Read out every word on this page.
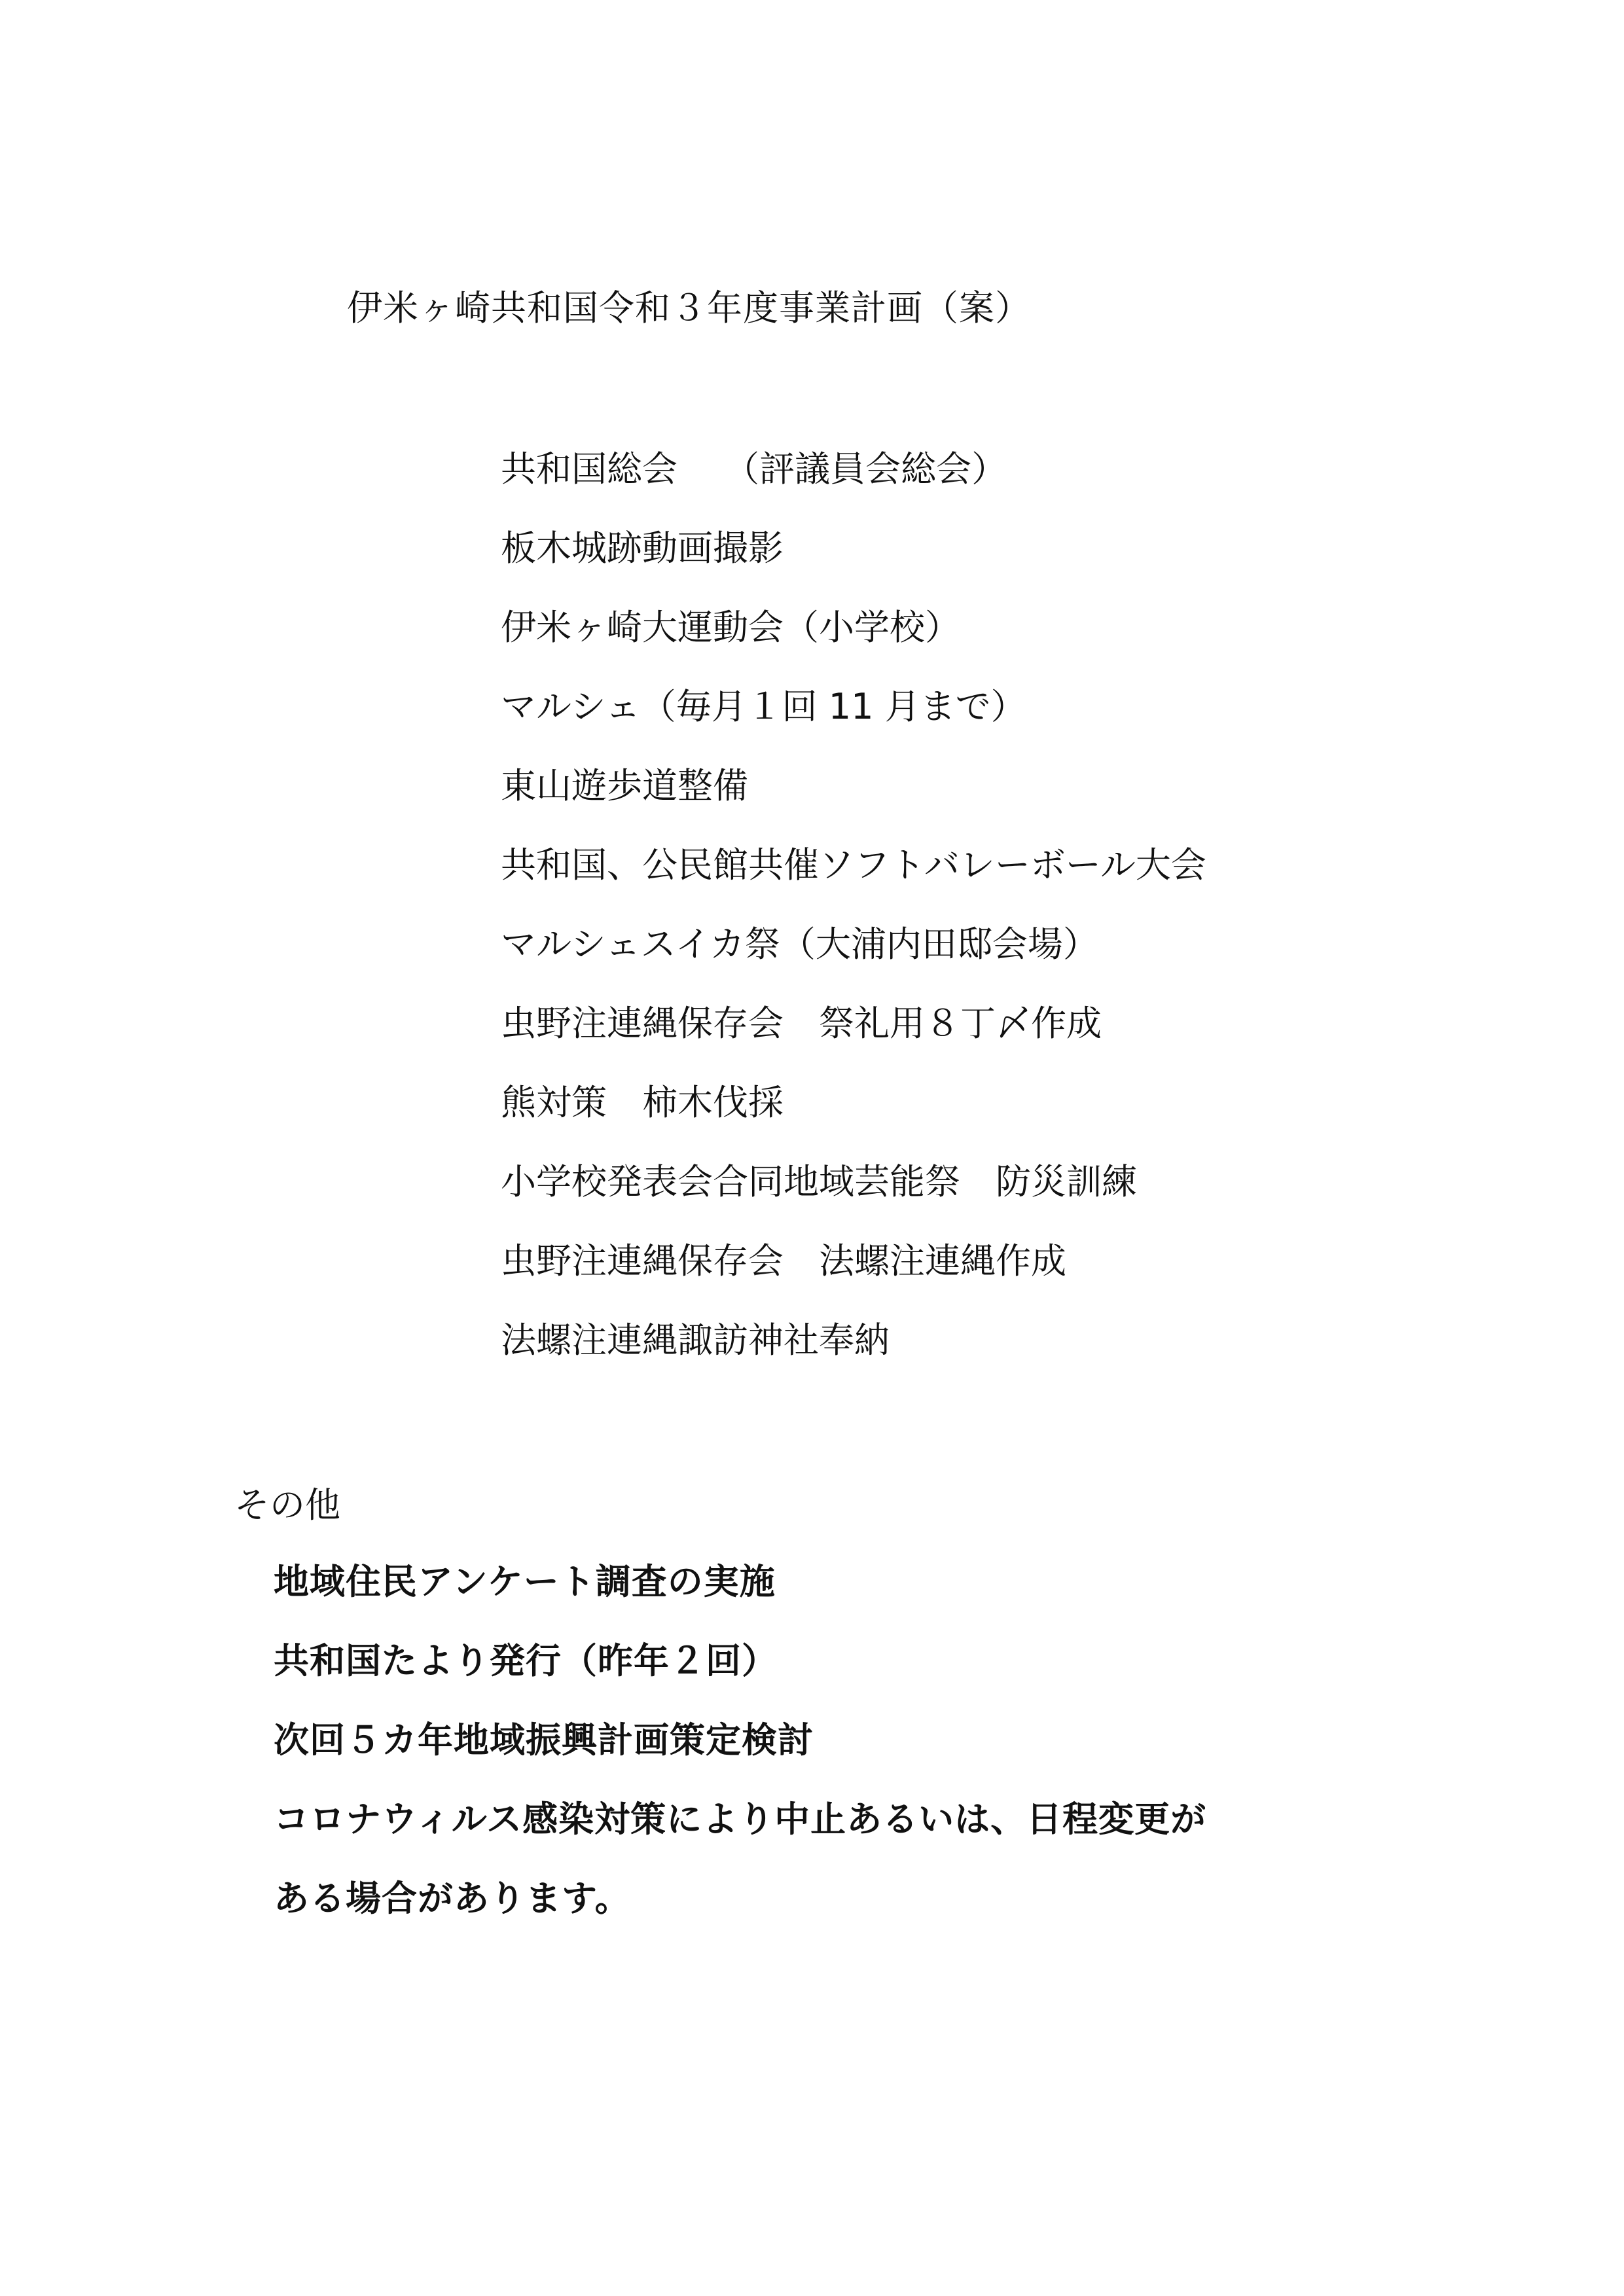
伊米ヶ崎共和国令和３年度事業計画（案）
共和国総会　 （評議員会総会）
板木城跡動画撮影
伊米ヶ崎大運動会（小学校）
マルシェ（毎月１回 11 月まで）
東山遊歩道整備
共和国、公民館共催ソフトバレーボール大会
マルシェスイカ祭（大浦内田邸会場）
虫野注連縄保存会　祭礼用８丁〆作成
熊対策　柿木伐採
小学校発表会合同地域芸能祭　防災訓練
虫野注連縄保存会　法螺注連縄作成
法螺注連縄諏訪神社奉納
その他
地域住民アンケート調査の実施
共和国たより発行（昨年２回）
次回５カ年地域振興計画策定検討
コロナウィルス感染対策により中止あるいは、日程変更が
ある場合があります。
